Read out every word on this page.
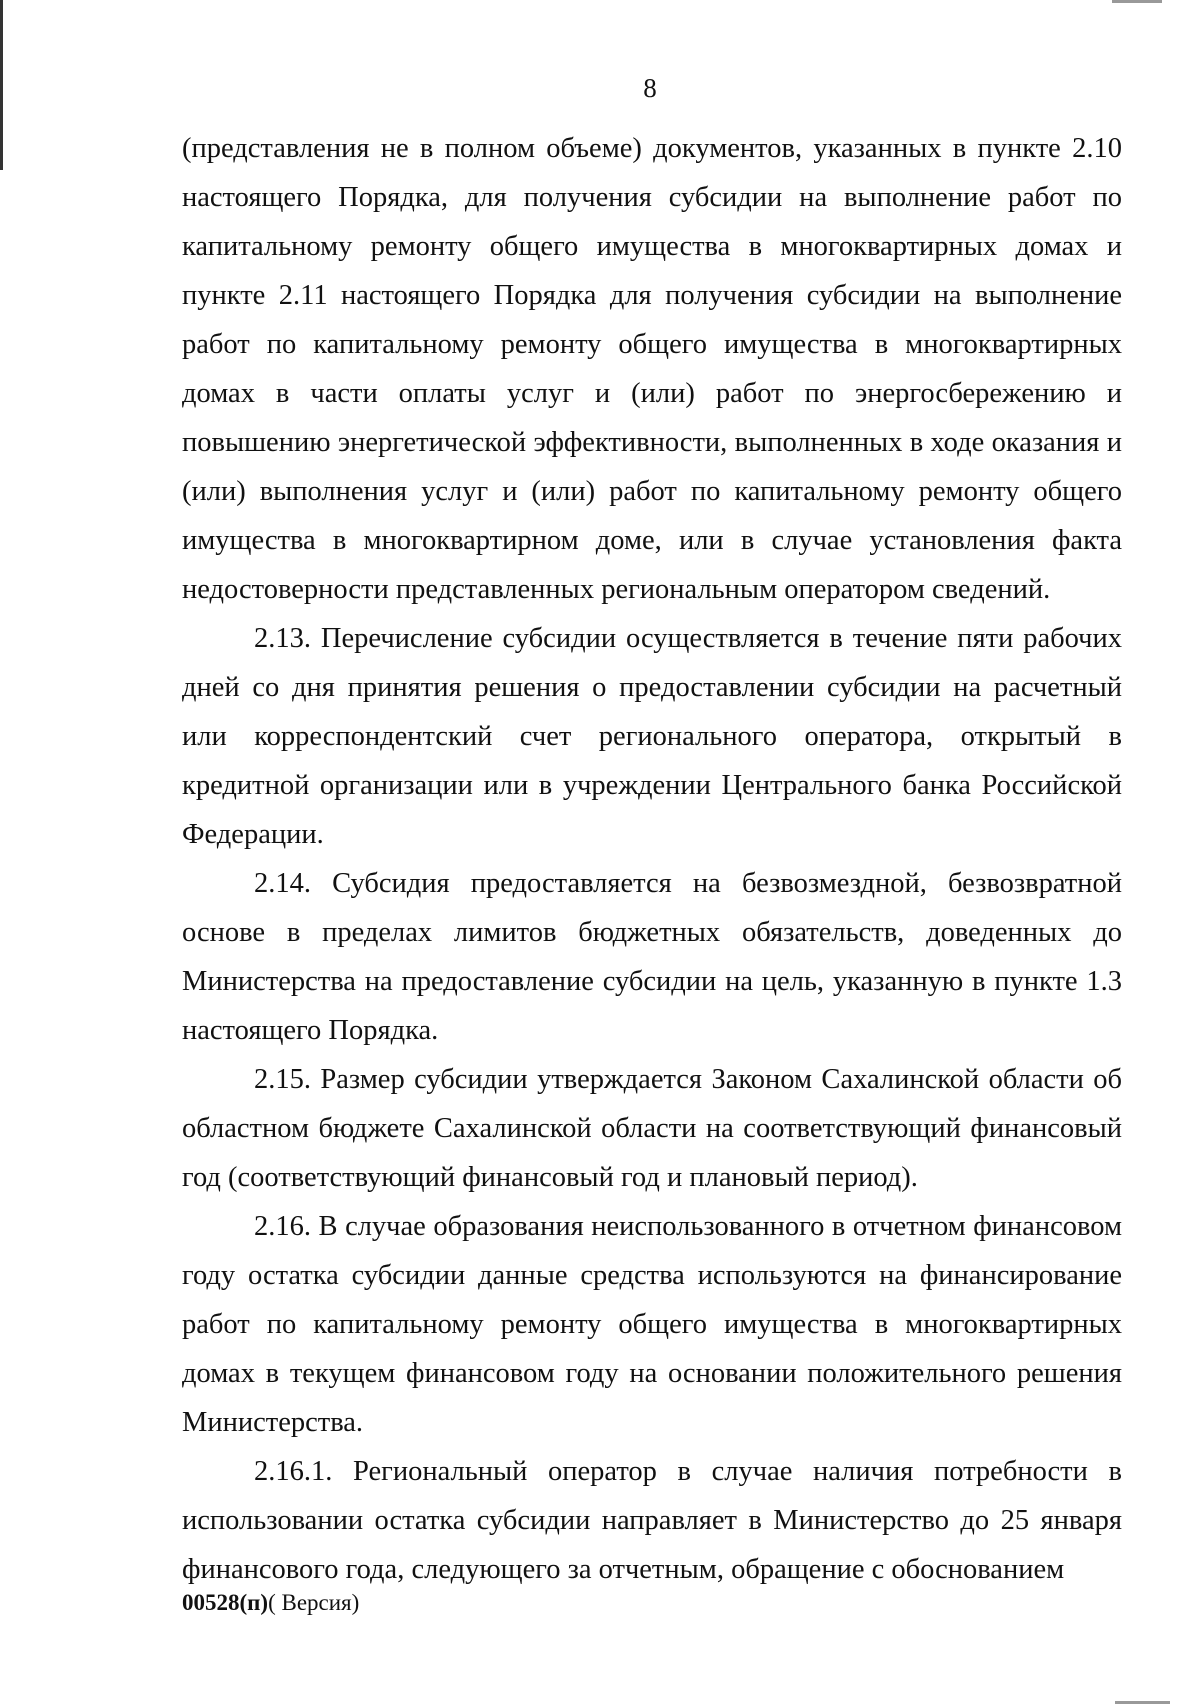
8

(представления не в полном объеме) документов, указанных в пункте 2.10 настоящего Порядка, для получения субсидии на выполнение работ по капитальному ремонту общего имущества в многоквартирных домах и пункте 2.11 настоящего Порядка для получения субсидии на выполнение работ по капитальному ремонту общего имущества в многоквартирных домах в части оплаты услуг и (или) работ по энергосбережению и повышению энергетической эффективности, выполненных в ходе оказания и (или) выполнения услуг и (или) работ по капитальному ремонту общего имущества в многоквартирном доме, или в случае установления факта недостоверности представленных региональным оператором сведений.

2.13. Перечисление субсидии осуществляется в течение пяти рабочих дней со дня принятия решения о предоставлении субсидии на расчетный или корреспондентский счет регионального оператора, открытый в кредитной организации или в учреждении Центрального банка Российской Федерации.

2.14. Субсидия предоставляется на безвозмездной, безвозвратной основе в пределах лимитов бюджетных обязательств, доведенных до Министерства на предоставление субсидии на цель, указанную в пункте 1.3 настоящего Порядка.

2.15. Размер субсидии утверждается Законом Сахалинской области об областном бюджете Сахалинской области на соответствующий финансовый год (соответствующий финансовый год и плановый период).

2.16. В случае образования неиспользованного в отчетном финансовом году остатка субсидии данные средства используются на финансирование работ по капитальному ремонту общего имущества в многоквартирных домах в текущем финансовом году на основании положительного решения Министерства.

2.16.1. Региональный оператор в случае наличия потребности в использовании остатка субсидии направляет в Министерство до 25 января финансового года, следующего за отчетным, обращение с обоснованием

00528(п)( Версия)
